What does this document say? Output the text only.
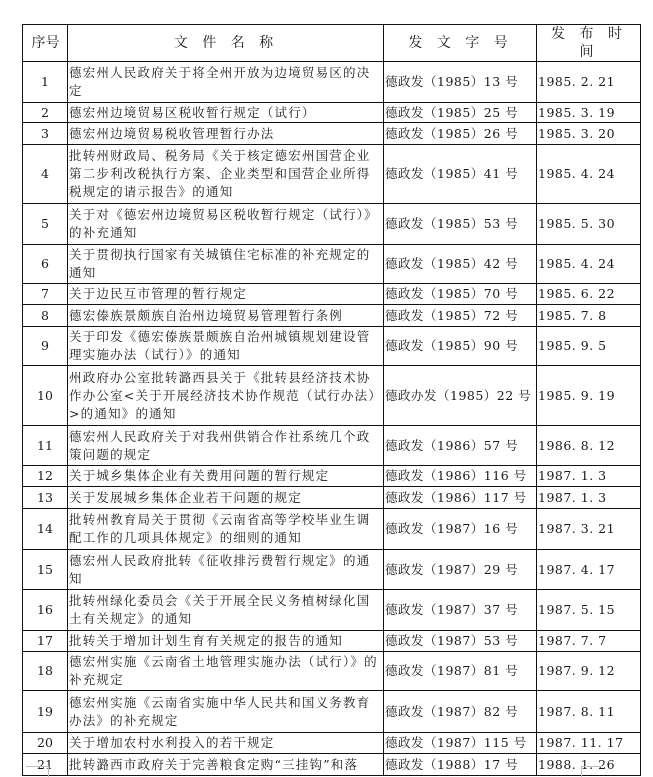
序号	文 件 名 称	发 文 字 号	发 布 时 间
1	德宏州人民政府关于将全州开放为边境贸易区的决定	德政发（1985）13 号	1985. 2. 21
2	德宏州边境贸易区税收暂行规定（试行）	德政发（1985）25 号	1985. 3. 19
3	德宏州边境贸易税收管理暂行办法	德政发（1985）26 号	1985. 3. 20
4	批转州财政局、税务局《关于核定德宏州国营企业第二步利改税执行方案、企业类型和国营企业所得税规定的请示报告》的通知	德政发（1985）41 号	1985. 4. 24
5	关于对《德宏州边境贸易区税收暂行规定（试行）》的补充通知	德政发（1985）53 号	1985. 5. 30
6	关于贯彻执行国家有关城镇住宅标准的补充规定的通知	德政发（1985）42 号	1985. 4. 24
7	关于边民互市管理的暂行规定	德政发（1985）70 号	1985. 6. 22
8	德宏傣族景颇族自治州边境贸易管理暂行条例	德政发（1985）72 号	1985. 7. 8
9	关于印发《德宏傣族景颇族自治州城镇规划建设管理实施办法（试行）》的通知	德政发（1985）90 号	1985. 9. 5
10	州政府办公室批转潞西县关于《批转县经济技术协作办公室<关于开展经济技术协作规范（试行办法）>的通知》的通知	德政办发（1985）22 号	1985. 9. 19
11	德宏州人民政府关于对我州供销合作社系统几个政策问题的规定	德政发（1986）57 号	1986. 8. 12
12	关于城乡集体企业有关费用问题的暂行规定	德政发（1986）116 号	1987. 1. 3
13	关于发展城乡集体企业若干问题的规定	德政发（1986）117 号	1987. 1. 3
14	批转州教育局关于贯彻《云南省高等学校毕业生调配工作的几项具体规定》的细则的通知	德政发（1987）16 号	1987. 3. 21
15	德宏州人民政府批转《征收排污费暂行规定》的通知	德政发（1987）29 号	1987. 4. 17
16	批转州绿化委员会《关于开展全民义务植树绿化国土有关规定》的通知	德政发（1987）37 号	1987. 5. 15
17	批转关于增加计划生育有关规定的报告的通知	德政发（1987）53 号	1987. 7. 7
18	德宏州实施《云南省土地管理实施办法（试行）》的补充规定	德政发（1987）81 号	1987. 9. 12
19	德宏州实施《云南省实施中华人民共和国义务教育办法》的补充规定	德政发（1987）82 号	1987. 8. 11
20	关于增加农村水利投入的若干规定	德政发（1987）115 号	1987. 11. 17
21	批转潞西市政府关于完善粮食定购“三挂钩”和落	德政发（1988）17 号	1988. 1. 26
